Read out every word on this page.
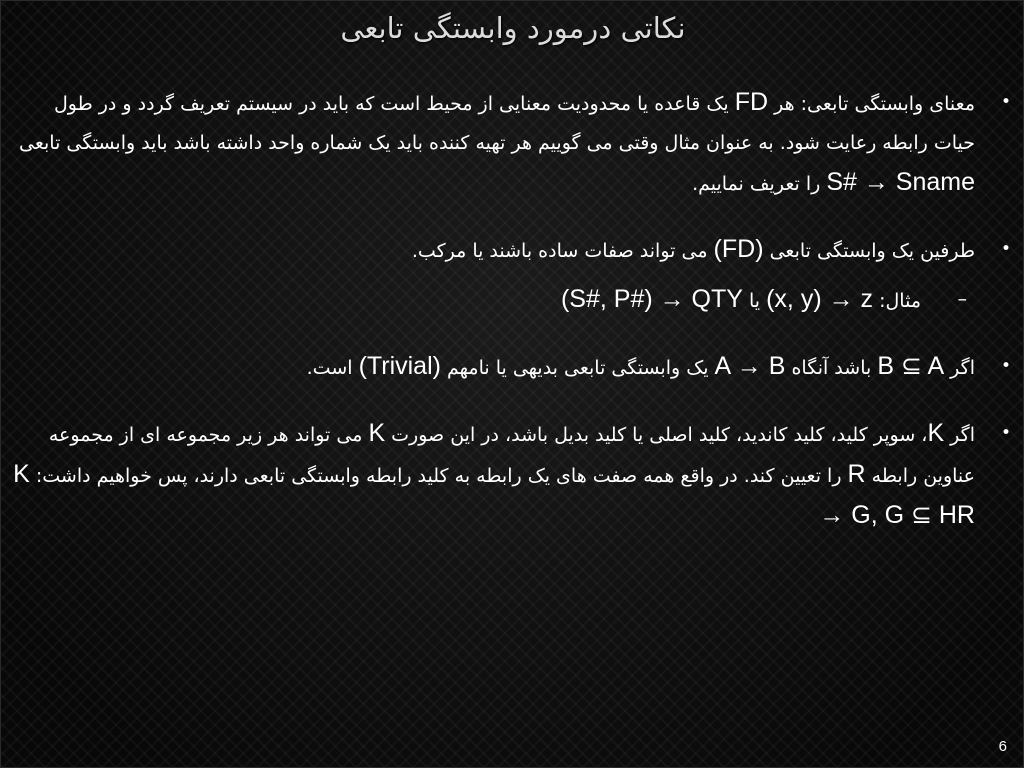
نکاتی درمورد وابستگی تابعی
•
معنای وابستگی تابعی: هر FD یک قاعده یا محدودیت معنایی از محیط است که باید در سیستم تعریف گردد و در طول حیات رابطه رعایت شود. به عنوان مثال وقتی می گوییم هر تهیه کننده باید یک شماره واحد داشته باشد باید وابستگی تابعی S# → Sname را تعریف نماییم.
•
طرفین یک وابستگی تابعی (FD) می تواند صفات ساده باشند یا مرکب.
–
مثال: (x, y) → z یا (S#, P#) → QTY
•
اگر B ⊆ A باشد آنگاه A → B یک وابستگی تابعی بدیهی یا نامهم (Trivial) است.
•
اگر K، سوپر کلید، کلید کاندید، کلید اصلی یا کلید بدیل باشد، در این صورت K می تواند هر زیر مجموعه ای از مجموعه عناوین رابطه R را تعیین کند. در واقع همه صفت های یک رابطه به کلید رابطه وابستگی تابعی دارند، پس خواهیم داشت: K → G, G ⊆ HR
6
